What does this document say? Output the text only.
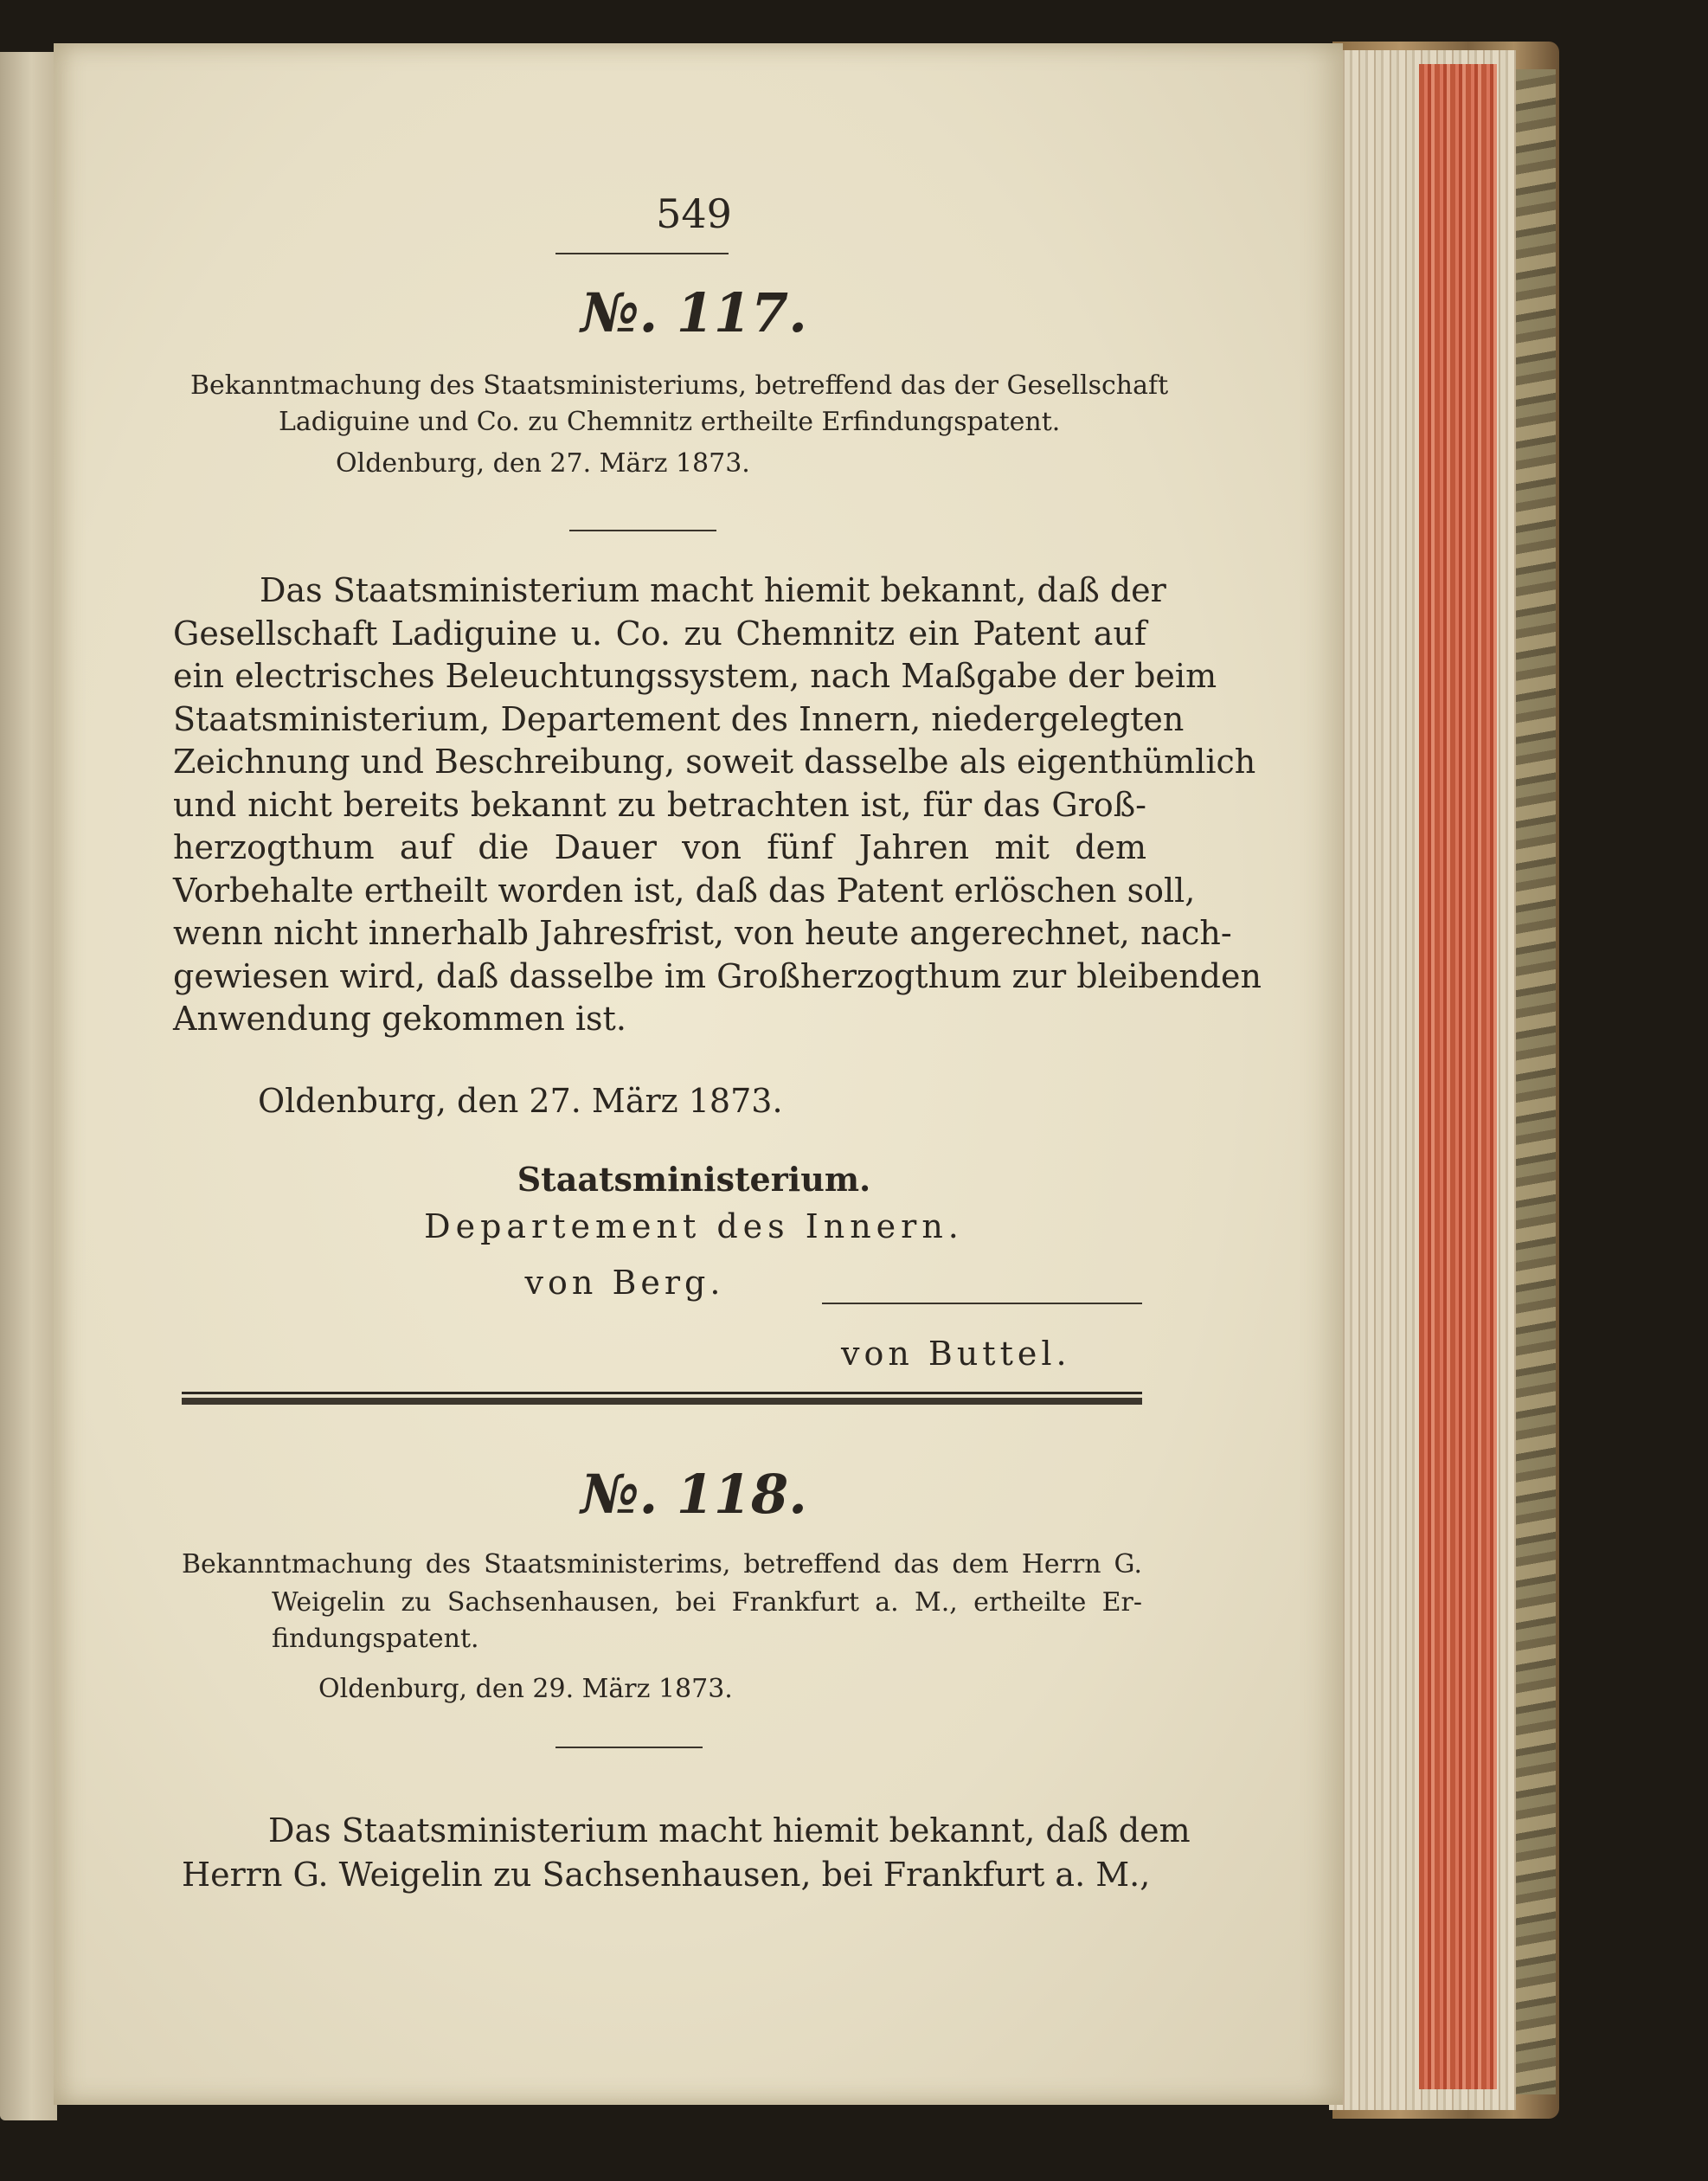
549
№. 117.
Bekanntmachung des Staatsministeriums, betreffend das der Gesellschaft
Ladiguine und Co. zu Chemnitz ertheilte Erfindungspatent.
Oldenburg, den 27. März 1873.
Das Staatsministerium macht hiemit bekannt, daß der
Gesellschaft Ladiguine u. Co. zu Chemnitz ein Patent auf
ein electrisches Beleuchtungssystem, nach Maßgabe der beim
Staatsministerium, Departement des Innern, niedergelegten
Zeichnung und Beschreibung, soweit dasselbe als eigenthümlich
und nicht bereits bekannt zu betrachten ist, für das Groß-
herzogthum auf die Dauer von fünf Jahren mit dem
Vorbehalte ertheilt worden ist, daß das Patent erlöschen soll,
wenn nicht innerhalb Jahresfrist, von heute angerechnet, nach-
gewiesen wird, daß dasselbe im Großherzogthum zur bleibenden
Anwendung gekommen ist.
Oldenburg, den 27. März 1873.
Staatsministerium.
Departement des Innern.
von Berg.
von Buttel.
№. 118.
Bekanntmachung des Staatsministerims, betreffend das dem Herrn G.
Weigelin zu Sachsenhausen, bei Frankfurt a. M., ertheilte Er-
findungspatent.
Oldenburg, den 29. März 1873.
Das Staatsministerium macht hiemit bekannt, daß dem
Herrn G. Weigelin zu Sachsenhausen, bei Frankfurt a. M.,
